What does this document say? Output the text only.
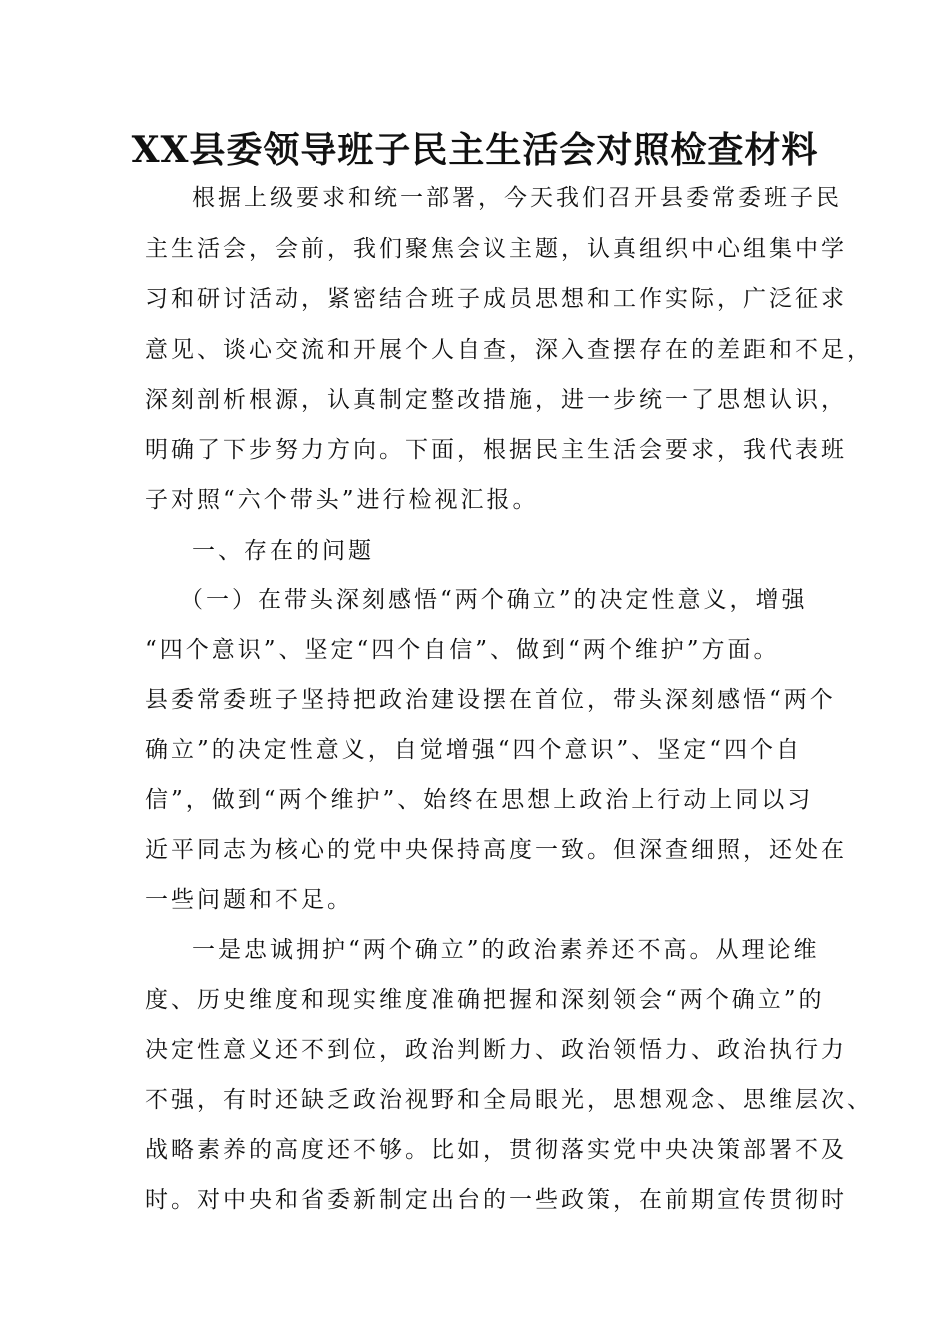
XX县委领导班子民主生活会对照检查材料

根据上级要求和统一部署，今天我们召开县委常委班子民

主生活会，会前，我们聚焦会议主题，认真组织中心组集中学

习和研讨活动，紧密结合班子成员思想和工作实际，广泛征求

意见、谈心交流和开展个人自查，深入查摆存在的差距和不足，

深刻剖析根源，认真制定整改措施，进一步统一了思想认识，

明确了下步努力方向。下面，根据民主生活会要求，我代表班

子对照“六个带头”进行检视汇报。

一、存在的问题

（一）在带头深刻感悟“两个确立”的决定性意义，增强

“四个意识”、坚定“四个自信”、做到“两个维护”方面。

县委常委班子坚持把政治建设摆在首位，带头深刻感悟“两个

确立”的决定性意义，自觉增强“四个意识”、坚定“四个自

信”，做到“两个维护”、始终在思想上政治上行动上同以习

近平同志为核心的党中央保持高度一致。但深查细照，还处在

一些问题和不足。

一是忠诚拥护“两个确立”的政治素养还不高。从理论维

度、历史维度和现实维度准确把握和深刻领会“两个确立”的

决定性意义还不到位，政治判断力、政治领悟力、政治执行力

不强，有时还缺乏政治视野和全局眼光，思想观念、思维层次、

战略素养的高度还不够。比如，贯彻落实党中央决策部署不及

时。对中央和省委新制定出台的一些政策，在前期宣传贯彻时
